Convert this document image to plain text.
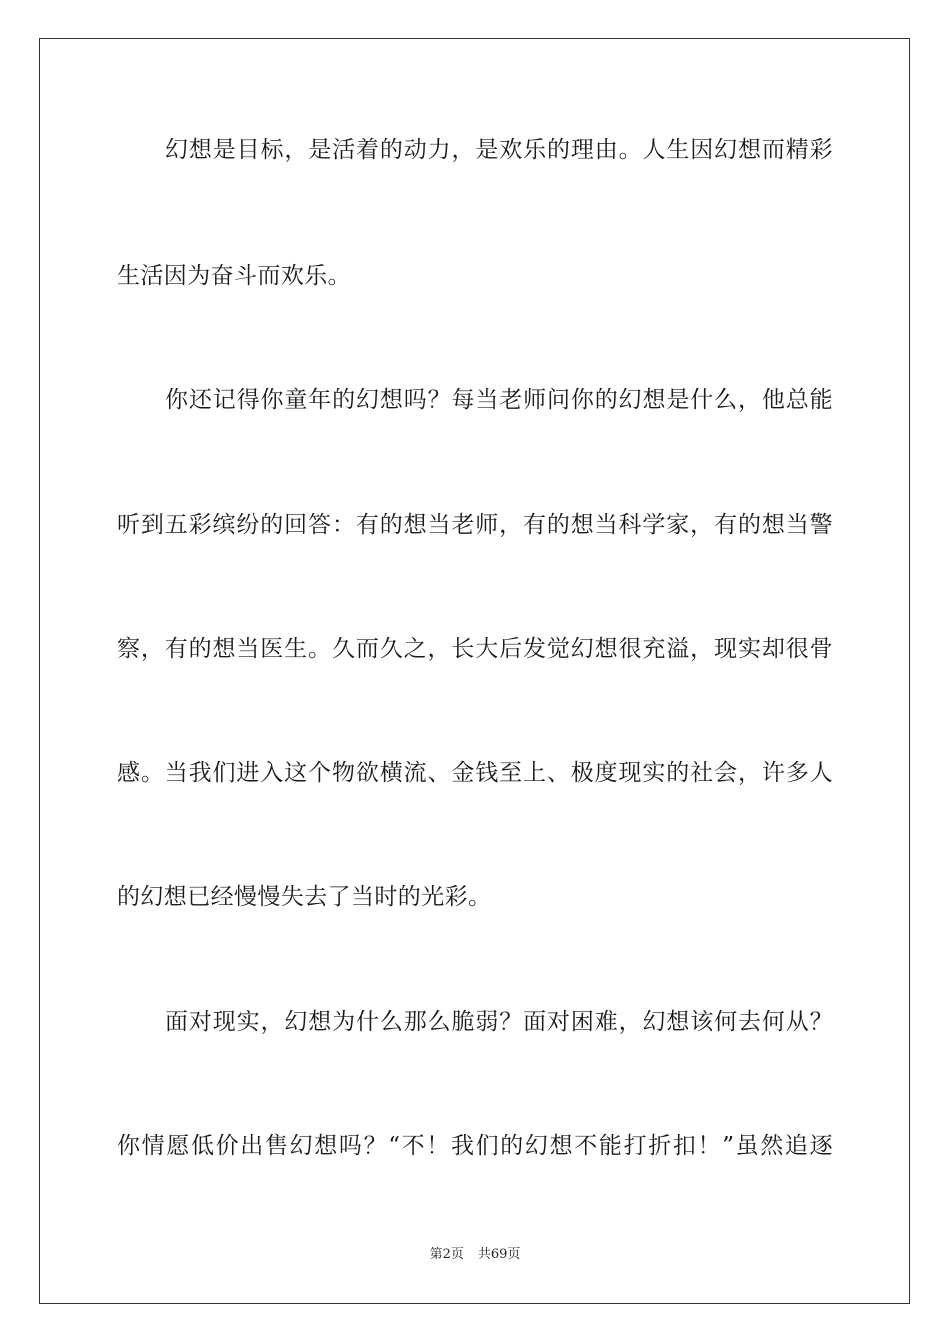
幻想是目标，是活着的动力，是欢乐的理由。人生因幻想而精彩
生活因为奋斗而欢乐。
你还记得你童年的幻想吗？每当老师问你的幻想是什么，他总能
听到五彩缤纷的回答：有的想当老师，有的想当科学家，有的想当警
察，有的想当医生。久而久之，长大后发觉幻想很充溢，现实却很骨
感。当我们进入这个物欲横流、金钱至上、极度现实的社会，许多人
的幻想已经慢慢失去了当时的光彩。
面对现实，幻想为什么那么脆弱？面对困难，幻想该何去何从？
你情愿低价出售幻想吗？“不！我们的幻想不能打折扣！”虽然追逐
第2页 共69页
